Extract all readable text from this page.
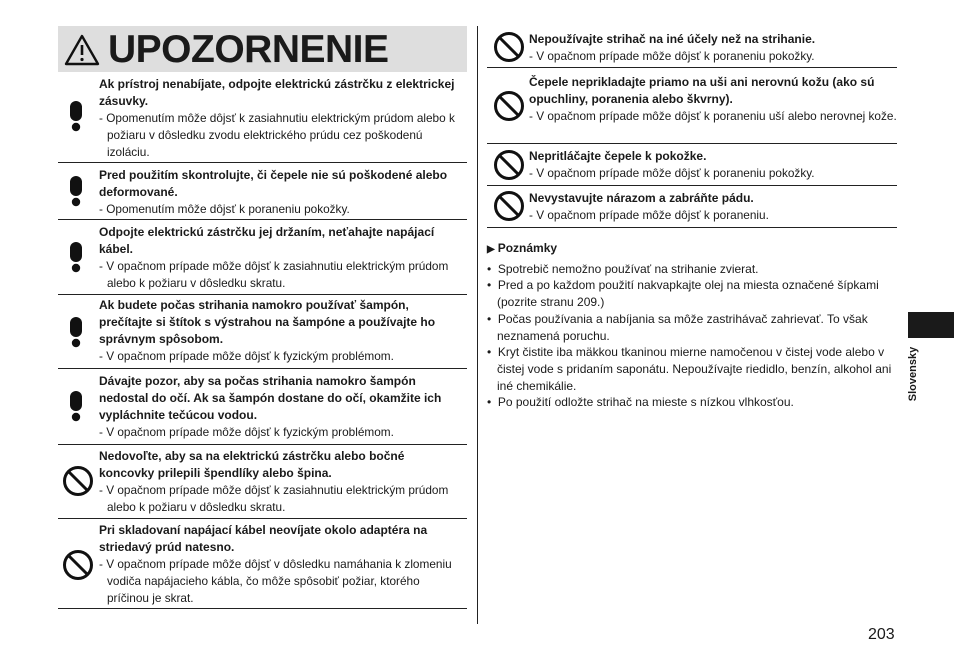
UPOZORNENIE
Ak prístroj nenabíjate, odpojte elektrickú zástrčku z elektrickej zásuvky.
- Opomenutím môže dôjsť k zasiahnutiu elektrickým prúdom alebo k požiaru v dôsledku zvodu elektrického prúdu cez poškodenú izoláciu.
Pred použitím skontrolujte, či čepele nie sú poškodené alebo deformované.
- Opomenutím môže dôjsť k poraneniu pokožky.
Odpojte elektrickú zástrčku jej držaním, neťahajte napájací kábel.
- V opačnom prípade môže dôjsť k zasiahnutiu elektrickým prúdom alebo k požiaru v dôsledku skratu.
Ak budete počas strihania namokro používať šampón, prečítajte si štítok s výstrahou na šampóne a používajte ho správnym spôsobom.
- V opačnom prípade môže dôjsť k fyzickým problémom.
Dávajte pozor, aby sa počas strihania namokro šampón nedostal do očí. Ak sa šampón dostane do očí, okamžite ich vypláchnite tečúcou vodou.
- V opačnom prípade môže dôjsť k fyzickým problémom.
Nedovoľte, aby sa na elektrickú zástrčku alebo bočné koncovky prilepili špendlíky alebo špina.
- V opačnom prípade môže dôjsť k zasiahnutiu elektrickým prúdom alebo k požiaru v dôsledku skratu.
Pri skladovaní napájací kábel neovíjate okolo adaptéra na striedavý prúd natesno.
- V opačnom prípade môže dôjsť v dôsledku namáhania k zlomeniu vodiča napájacieho kábla, čo môže spôsobiť požiar, ktorého príčinou je skrat.
Nepoužívajte strihač na iné účely než na strihanie.
- V opačnom prípade môže dôjsť k poraneniu pokožky.
Čepele neprikladajte priamo na uši ani nerovnú kožu (ako sú opuchliny, poranenia alebo škvrny).
- V opačnom prípade môže dôjsť k poraneniu uší alebo nerovnej kože.
Nepritláčajte čepele k pokožke.
- V opačnom prípade môže dôjsť k poraneniu pokožky.
Nevystavujte nárazom a zabráňte pádu.
- V opačnom prípade môže dôjsť k poraneniu.
▶ Poznámky
•  Spotrebič nemožno používať na strihanie zvierat.
•  Pred a po každom použití nakvapkajte olej na miesta označené šípkami (pozrite stranu 209.)
•  Počas používania a nabíjania sa môže zastrihávač zahrievať. To však neznamená poruchu.
•  Kryt čistite iba mäkkou tkaninou mierne namočenou v čistej vode alebo v čistej vode s pridaním saponátu. Nepoužívajte riedidlo, benzín, alkohol ani iné chemikálie.
•  Po použití odložte strihač na mieste s nízkou vlhkosťou.
Slovensky
203
